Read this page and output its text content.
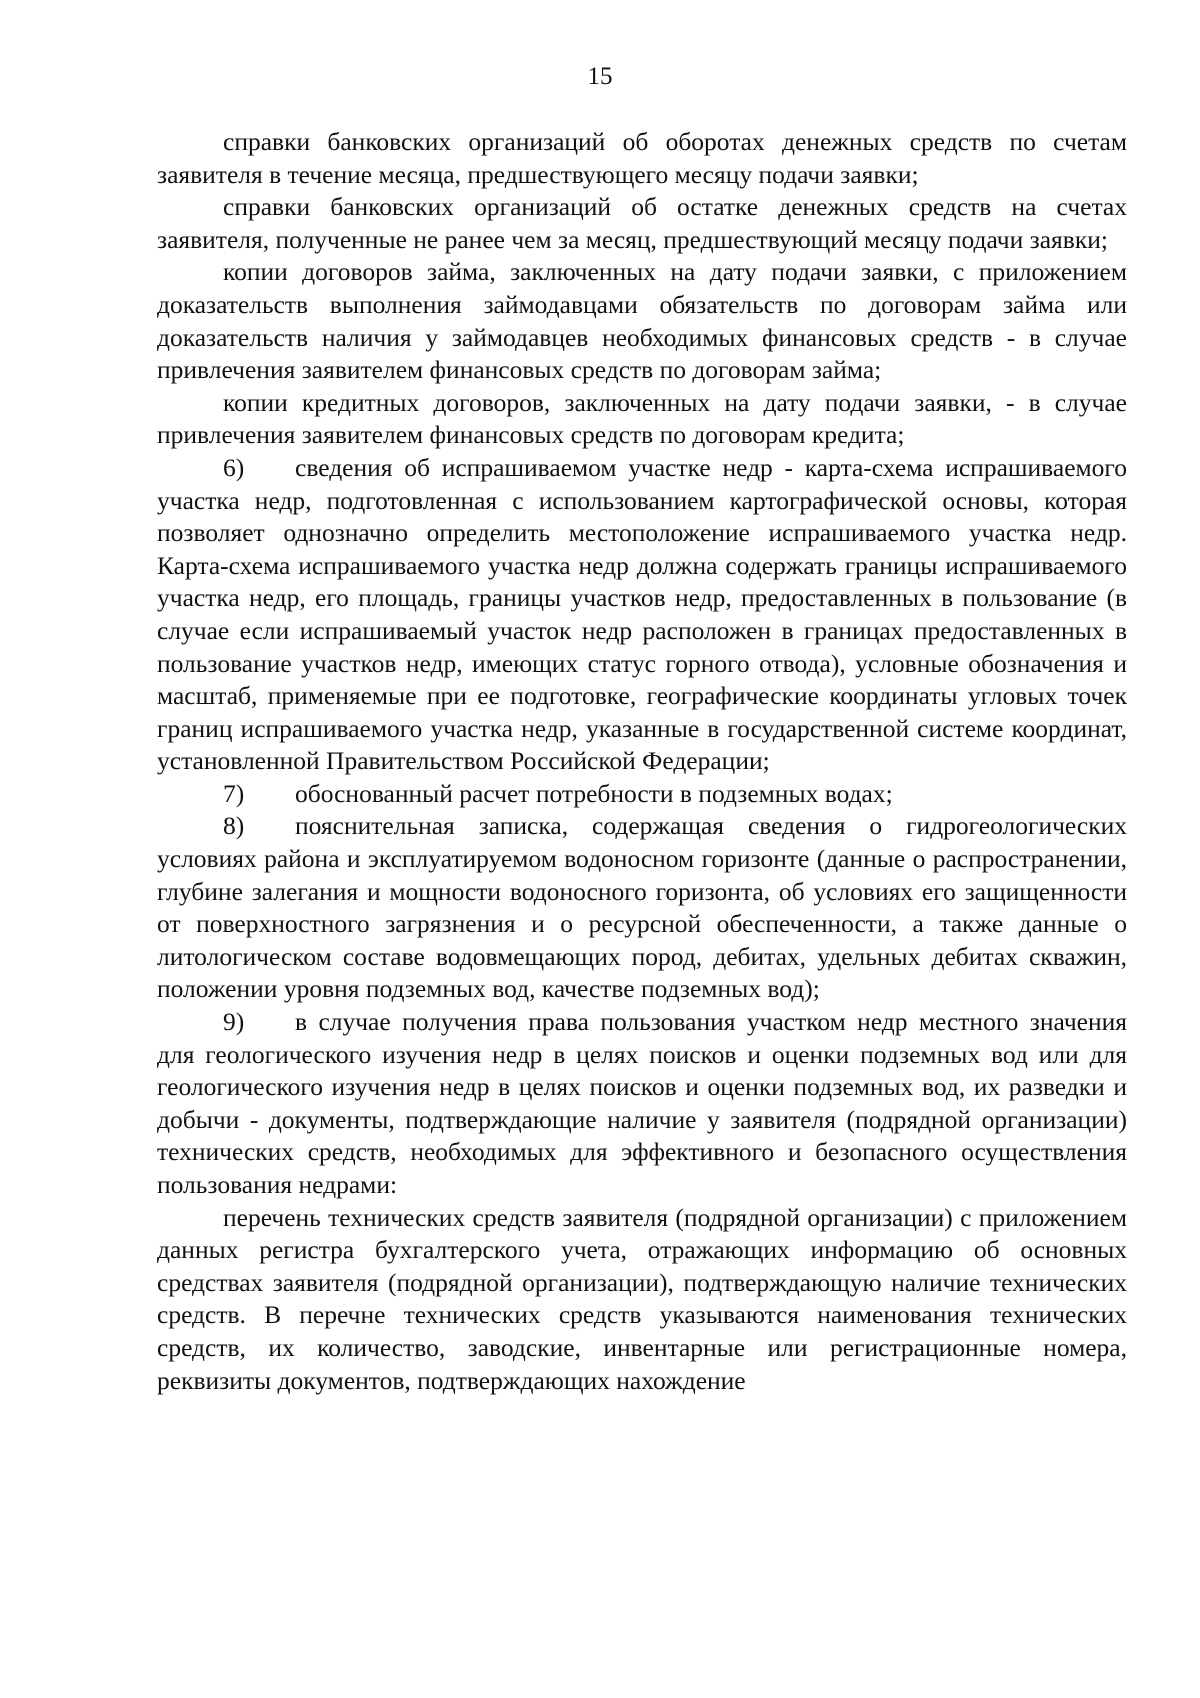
15

справки банковских организаций об оборотах денежных средств по счетам заявителя в течение месяца, предшествующего месяцу подачи заявки;

справки банковских организаций об остатке денежных средств на счетах заявителя, полученные не ранее чем за месяц, предшествующий месяцу подачи заявки;

копии договоров займа, заключенных на дату подачи заявки, с приложением доказательств выполнения займодавцами обязательств по договорам займа или доказательств наличия у займодавцев необходимых финансовых средств - в случае привлечения заявителем финансовых средств по договорам займа;

копии кредитных договоров, заключенных на дату подачи заявки, - в случае привлечения заявителем финансовых средств по договорам кредита;

6) сведения об испрашиваемом участке недр - карта-схема испрашиваемого участка недр, подготовленная с использованием картографической основы, которая позволяет однозначно определить местоположение испрашиваемого участка недр. Карта-схема испрашиваемого участка недр должна содержать границы испрашиваемого участка недр, его площадь, границы участков недр, предоставленных в пользование (в случае если испрашиваемый участок недр расположен в границах предоставленных в пользование участков недр, имеющих статус горного отвода), условные обозначения и масштаб, применяемые при ее подготовке, географические координаты угловых точек границ испрашиваемого участка недр, указанные в государственной системе координат, установленной Правительством Российской Федерации;

7) обоснованный расчет потребности в подземных водах;

8) пояснительная записка, содержащая сведения о гидрогеологических условиях района и эксплуатируемом водоносном горизонте (данные о распространении, глубине залегания и мощности водоносного горизонта, об условиях его защищенности от поверхностного загрязнения и о ресурсной обеспеченности, а также данные о литологическом составе водовмещающих пород, дебитах, удельных дебитах скважин, положении уровня подземных вод, качестве подземных вод);

9) в случае получения права пользования участком недр местного значения для геологического изучения недр в целях поисков и оценки подземных вод или для геологического изучения недр в целях поисков и оценки подземных вод, их разведки и добычи - документы, подтверждающие наличие у заявителя (подрядной организации) технических средств, необходимых для эффективного и безопасного осуществления пользования недрами:

перечень технических средств заявителя (подрядной организации) с приложением данных регистра бухгалтерского учета, отражающих информацию об основных средствах заявителя (подрядной организации), подтверждающую наличие технических средств. В перечне технических средств указываются наименования технических средств, их количество, заводские, инвентарные или регистрационные номера, реквизиты документов, подтверждающих нахождение
